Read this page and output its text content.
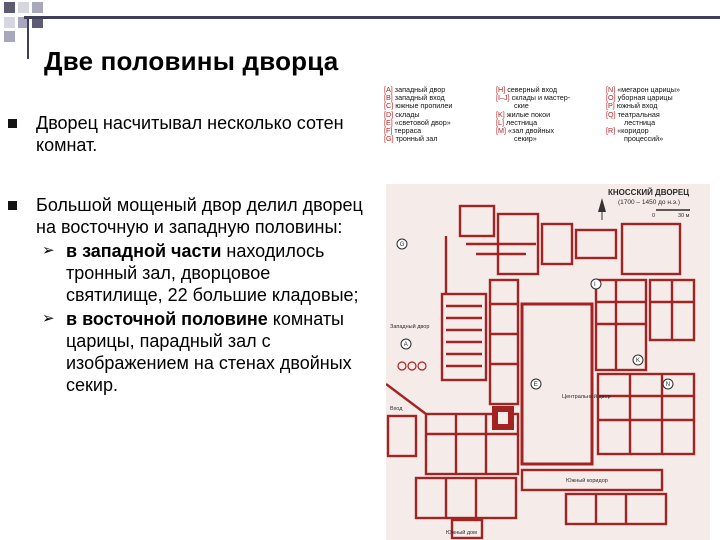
Две половины дворца
Дворец насчитывал несколько сотен комнат.
Большой мощеный двор делил дворец на восточную и западную половины:
➢ в западной части находилось тронный зал, дворцовое святилище, 22 большие кладовые;
➢ в восточной половине комнаты царицы, парадный зал с изображением на стенах двойных секир.
[A] западный двор
[B] западный вход
[C] южные пропилеи
[D] склады
[E] «световой двор»
[F] терраса
[G] тронный зал
[H] северный вход
[I–J] склады и мастер-
ские
[K] жилые покои
[L] лестница
[M] «зал двойных
секир»
[N] «мегарон царицы»
[O] уборная царицы
[P] южный вход
[Q] театральная
лестница
[R] «коридор
процессий»
КНОССКИЙ ДВОРЕЦ
(1700 – 1450 до н.э.)
0	30 м
G
A
I
E
K
N
Западный двор
Вход
Центральный двор
Южный коридор
Южный дом
